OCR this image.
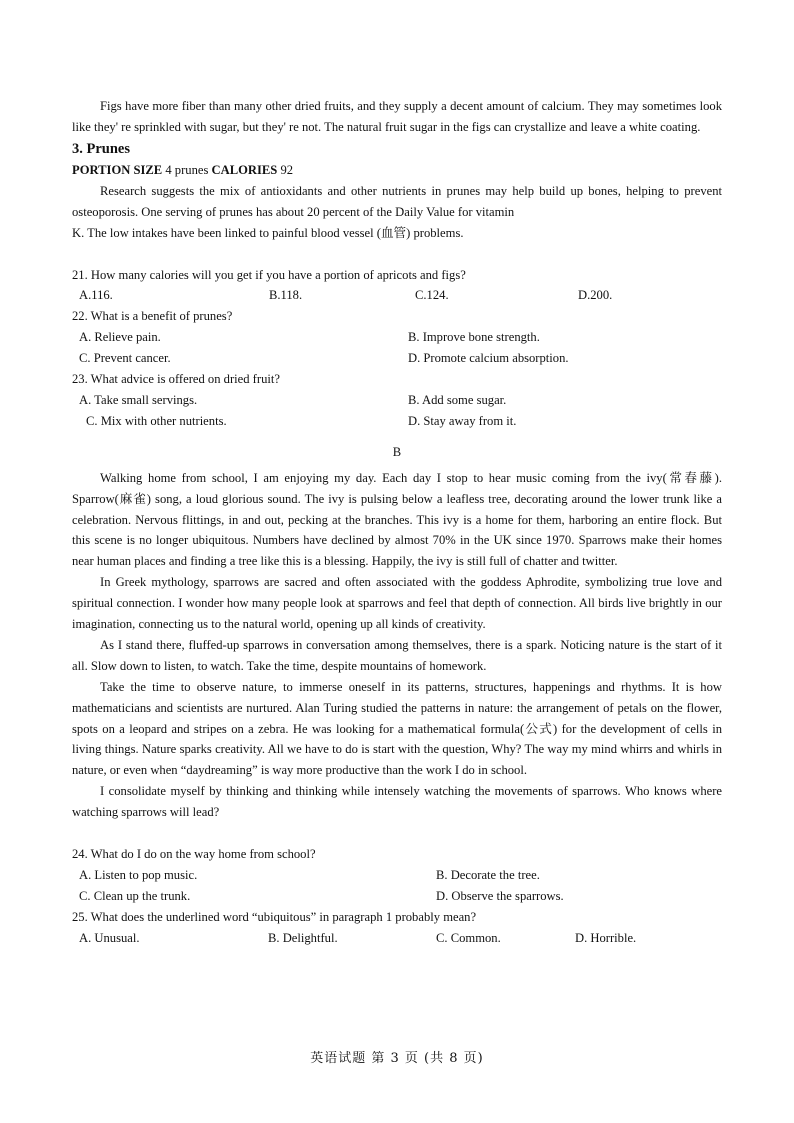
Figs have more fiber than many other dried fruits, and they supply a decent amount of calcium. They may sometimes look like they' re sprinkled with sugar, but they' re not. The natural fruit sugar in the figs can crystallize and leave a white coating.

3. Prunes
PORTION SIZE 4 prunes CALORIES 92

Research suggests the mix of antioxidants and other nutrients in prunes may help build up bones, helping to prevent osteoporosis. One serving of prunes has about 20 percent of the Daily Value for vitamin

K. The low intakes have been linked to painful blood vessel (血管) problems.

21. How many calories will you get if you have a portion of apricots and figs?
A.116.	B.118.	C.124.	D.200.
22. What is a benefit of prunes?
A. Relieve pain.	B. Improve bone strength.
C. Prevent cancer.	D. Promote calcium absorption.
23. What advice is offered on dried fruit?
A. Take small servings.	B. Add some sugar.
C. Mix with other nutrients.	D. Stay away from it.
B

Walking home from school, I am enjoying my day. Each day I stop to hear music coming from the ivy(常春藤). Sparrow(麻雀) song, a loud glorious sound. The ivy is pulsing below a leafless tree, decorating around the lower trunk like a celebration. Nervous flittings, in and out, pecking at the branches. This ivy is a home for them, harboring an entire flock. But this scene is no longer ubiquitous. Numbers have declined by almost 70% in the UK since 1970. Sparrows make their homes near human places and finding a tree like this is a blessing. Happily, the ivy is still full of chatter and twitter.

In Greek mythology, sparrows are sacred and often associated with the goddess Aphrodite, symbolizing true love and spiritual connection. I wonder how many people look at sparrows and feel that depth of connection. All birds live brightly in our imagination, connecting us to the natural world, opening up all kinds of creativity.

As I stand there, fluffed-up sparrows in conversation among themselves, there is a spark. Noticing nature is the start of it all. Slow down to listen, to watch. Take the time, despite mountains of homework.

Take the time to observe nature, to immerse oneself in its patterns, structures, happenings and rhythms. It is how mathematicians and scientists are nurtured. Alan Turing studied the patterns in nature: the arrangement of petals on the flower, spots on a leopard and stripes on a zebra. He was looking for a mathematical formula(公式) for the development of cells in living things. Nature sparks creativity. All we have to do is start with the question, Why? The way my mind whirrs and whirls in nature, or even when “daydreaming” is way more productive than the work I do in school.

I consolidate myself by thinking and thinking while intensely watching the movements of sparrows. Who knows where watching sparrows will lead?

24. What do I do on the way home from school?
A. Listen to pop music.	B. Decorate the tree.
C. Clean up the trunk.	D. Observe the sparrows.
25. What does the underlined word “ubiquitous” in paragraph 1 probably mean?
A. Unusual.	B. Delightful.	C. Common.	D. Horrible.
英语试题 第 3 页 (共 8 页)
